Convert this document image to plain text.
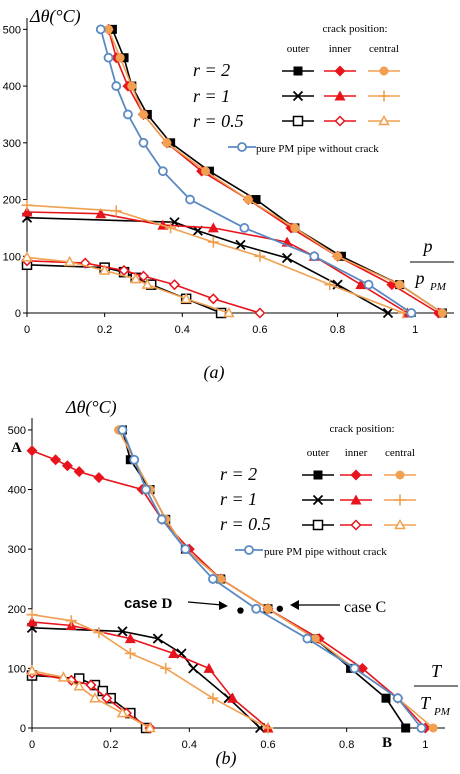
Δθ(°C)
p
p PM
(a)
crack position:
outer inner central
r = 2
r = 1
r = 0.5
pure PM pipe without crack
0
100
200
300
400
500
0	0.2	0.4	0.6	0.8	1
Δθ(°C)
T
T PM
(b)
crack position:
outer inner central
r = 2
r = 1
r = 0.5
pure PM pipe without crack
A
B
case C
case D
0
100
200
300
400
500
0	0.2	0.4	0.6	0.8	1
